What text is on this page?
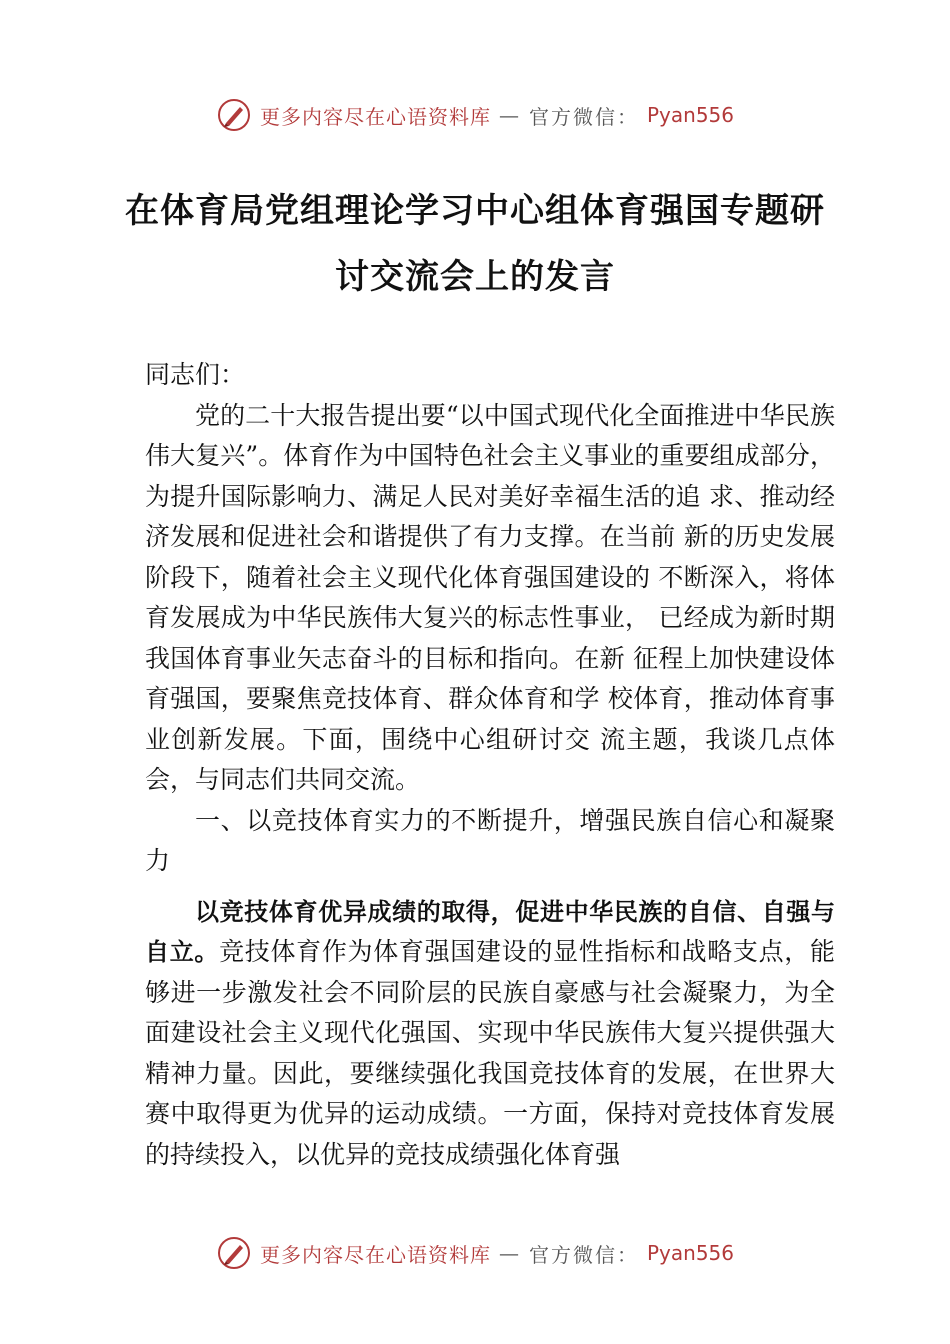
更多内容尽在心语资料库 — 官方微信： Pyan556
在体育局党组理论学习中心组体育强国专题研讨交流会上的发言

同志们：

党的二十大报告提出要“以中国式现代化全面推进中华民族伟大复兴”。体育作为中国特色社会主义事业的重要组成部分，为提升国际影响力、满足人民对美好幸福生活的追 求、推动经济发展和促进社会和谐提供了有力支撑。在当前 新的历史发展阶段下，随着社会主义现代化体育强国建设的 不断深入，将体育发展成为中华民族伟大复兴的标志性事业， 已经成为新时期我国体育事业矢志奋斗的目标和指向。在新 征程上加快建设体育强国，要聚焦竞技体育、群众体育和学 校体育，推动体育事业创新发展。下面，围绕中心组研讨交 流主题，我谈几点体会，与同志们共同交流。

一、以竞技体育实力的不断提升，增强民族自信心和凝聚力

以竞技体育优异成绩的取得，促进中华民族的自信、自强与自立。竞技体育作为体育强国建设的显性指标和战略支点，能够进一步激发社会不同阶层的民族自豪感与社会凝聚力，为全面建设社会主义现代化强国、实现中华民族伟大复兴提供强大精神力量。因此，要继续强化我国竞技体育的发展，在世界大赛中取得更为优异的运动成绩。一方面，保持对竞技体育发展的持续投入，以优异的竞技成绩强化体育强

更多内容尽在心语资料库 — 官方微信： Pyan556
